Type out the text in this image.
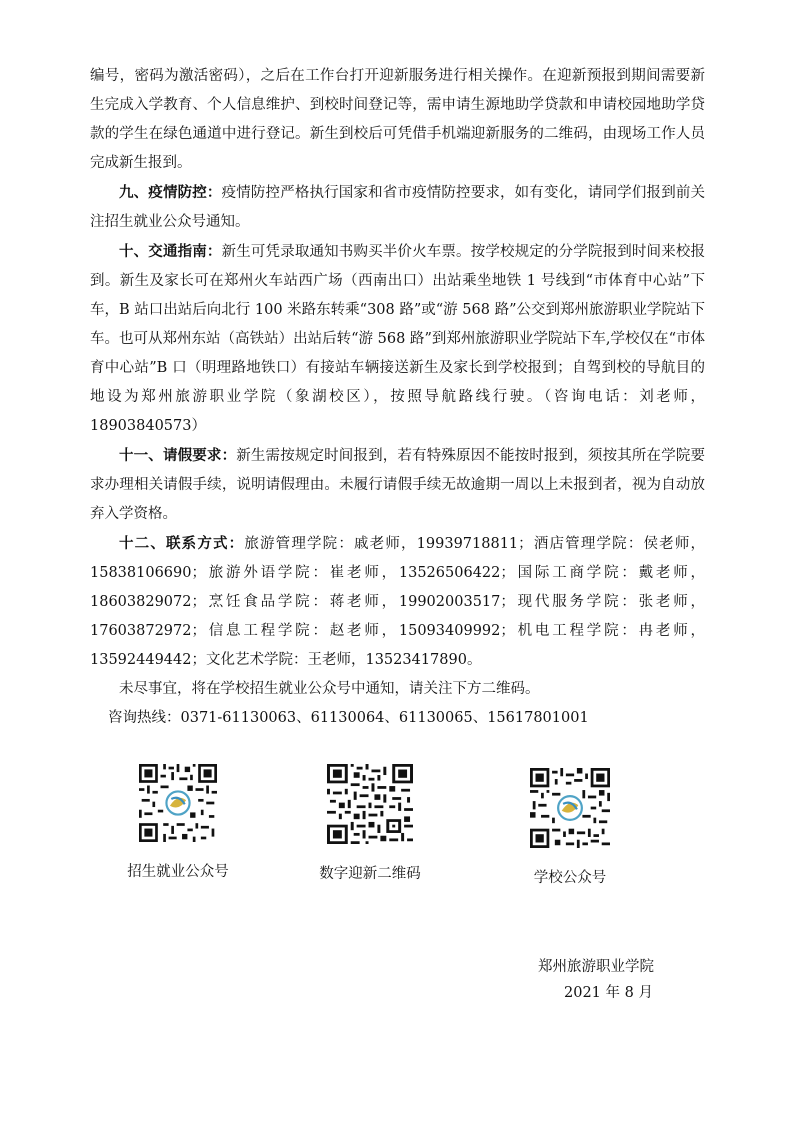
编号，密码为激活密码），之后在工作台打开迎新服务进行相关操作。在迎新预报到期间需要新生完成入学教育、个人信息维护、到校时间登记等，需申请生源地助学贷款和申请校园地助学贷款的学生在绿色通道中进行登记。新生到校后可凭借手机端迎新服务的二维码，由现场工作人员完成新生报到。

九、疫情防控：疫情防控严格执行国家和省市疫情防控要求，如有变化，请同学们报到前关注招生就业公众号通知。

十、交通指南：新生可凭录取通知书购买半价火车票。按学校规定的分学院报到时间来校报到。新生及家长可在郑州火车站西广场（西南出口）出站乘坐地铁 1 号线到“市体育中心站”下车，B 站口出站后向北行 100 米路东转乘“308 路”或“游 568 路”公交到郑州旅游职业学院站下车。也可从郑州东站（高铁站）出站后转“游 568 路”到郑州旅游职业学院站下车,学校仅在“市体育中心站”B 口（明理路地铁口）有接站车辆接送新生及家长到学校报到；自驾到校的导航目的地设为郑州旅游职业学院（象湖校区），按照导航路线行驶。（咨询电话：刘老师，18903840573）

十一、请假要求：新生需按规定时间报到，若有特殊原因不能按时报到，须按其所在学院要求办理相关请假手续，说明请假理由。未履行请假手续无故逾期一周以上未报到者，视为自动放弃入学资格。

十二、联系方式：旅游管理学院：戚老师，19939718811；酒店管理学院：侯老师，15838106690；旅游外语学院：崔老师，13526506422；国际工商学院：戴老师，18603829072；烹饪食品学院：蒋老师，19902003517；现代服务学院：张老师，17603872972；信息工程学院：赵老师，15093409992；机电工程学院：冉老师，13592449442；文化艺术学院：王老师，13523417890。

未尽事宜，将在学校招生就业公众号中通知，请关注下方二维码。

咨询热线：0371-61130063、61130064、61130065、15617801001

招生就业公众号	数字迎新二维码	学校公众号
郑州旅游职业学院
2021 年 8 月
